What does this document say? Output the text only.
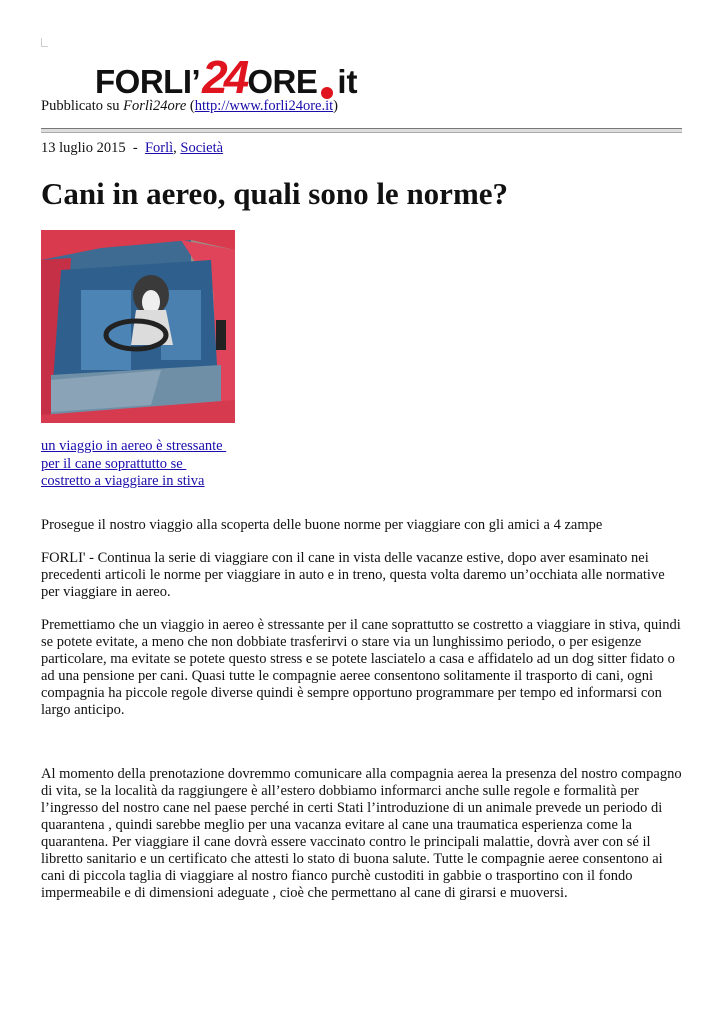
FORLI’ 24 ORE it
Pubblicato su Forlì24ore (http://www.forli24ore.it)
13 luglio 2015  -  Forlì, Società
Cani in aereo, quali sono le norme?
un viaggio in aereo è stressante
per il cane soprattutto se
costretto a viaggiare in stiva

Prosegue il nostro viaggio alla scoperta delle buone norme per viaggiare con gli amici a 4 zampe

FORLI' - Continua la serie di viaggiare con il cane in vista delle vacanze estive, dopo aver esaminato nei precedenti articoli le norme per viaggiare in auto e in treno, questa volta daremo un’occhiata alle normative per viaggiare in aereo.

Premettiamo che un viaggio in aereo è stressante per il cane soprattutto se costretto a viaggiare in stiva, quindi se potete evitate, a meno che non dobbiate trasferirvi o stare via un lunghissimo periodo, o per esigenze particolare, ma evitate se potete questo stress e se potete lasciatelo a casa e affidatelo ad un dog sitter fidato o ad una pensione per cani. Quasi tutte le compagnie aeree consentono solitamente il trasporto di cani, ogni compagnia ha piccole regole diverse quindi è sempre opportuno programmare per tempo ed informarsi con largo anticipo.

Al momento della prenotazione dovremmo comunicare alla compagnia aerea la presenza del nostro compagno di vita, se la località da raggiungere è all’estero dobbiamo informarci anche sulle regole e formalità per l’ingresso del nostro cane nel paese perché in certi Stati l’introduzione di un animale prevede un periodo di quarantena , quindi sarebbe meglio per una vacanza evitare al cane una traumatica esperienza come la quarantena. Per viaggiare il cane dovrà essere vaccinato contro le principali malattie, dovrà aver con sé il libretto sanitario e un certificato che attesti lo stato di buona salute. Tutte le compagnie aeree consentono ai cani di piccola taglia di viaggiare al nostro fianco purchè custoditi in gabbie o trasportino con il fondo impermeabile e di dimensioni adeguate , cioè che permettano al cane di girarsi e muoversi.
